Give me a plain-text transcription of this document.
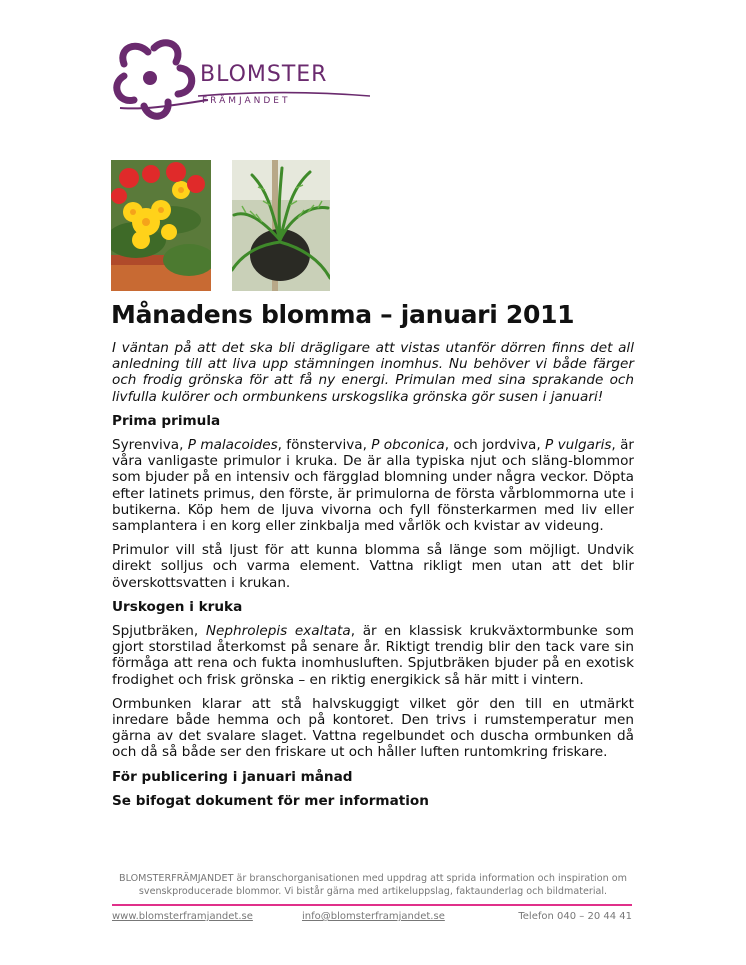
BLOMSTER
FRÄMJANDET
Månadens blomma – januari 2011

I väntan på att det ska bli drägligare att vistas utanför dörren finns det all anledning till att liva upp stämningen inomhus. Nu behöver vi både färger och frodig grönska för att få ny energi. Primulan med sina sprakande och livfulla kulörer och ormbunkens urskogslika grönska gör susen i januari!

Prima primula

Syrenviva, P malacoides, fönsterviva, P obconica, och jordviva, P vulgaris, är våra vanligaste primulor i kruka. De är alla typiska njut och släng-blommor som bjuder på en intensiv och färgglad blomning under några veckor. Döpta efter latinets primus, den förste, är primulorna de första vårblommorna ute i butikerna. Köp hem de ljuva vivorna och fyll fönsterkarmen med liv eller samplantera i en korg eller zinkbalja med vårlök och kvistar av videung.

Primulor vill stå ljust för att kunna blomma så länge som möjligt. Undvik direkt solljus och varma element. Vattna rikligt men utan att det blir överskottsvatten i krukan.

Urskogen i kruka

Spjutbräken, Nephrolepis exaltata, är en klassisk krukväxtormbunke som gjort storstilad återkomst på senare år. Riktigt trendig blir den tack vare sin förmåga att rena och fukta inomhusluften. Spjutbräken bjuder på en exotisk frodighet och frisk grönska – en riktig energikick så här mitt i vintern.

Ormbunken klarar att stå halvskuggigt vilket gör den till en utmärkt inredare både hemma och på kontoret. Den trivs i rumstemperatur men gärna av det svalare slaget. Vattna regelbundet och duscha ormbunken då och då så både ser den friskare ut och håller luften runtomkring friskare.

För publicering i januari månad

Se bifogat dokument för mer information

BLOMSTERFRÄMJANDET är branschorganisationen med uppdrag att sprida information och inspiration om svenskproducerade blommor. Vi bistår gärna med artikeluppslag, faktaunderlag och bildmaterial.
www.blomsterframjandet.se	info@blomsterframjandet.se	Telefon 040 – 20 44 41
